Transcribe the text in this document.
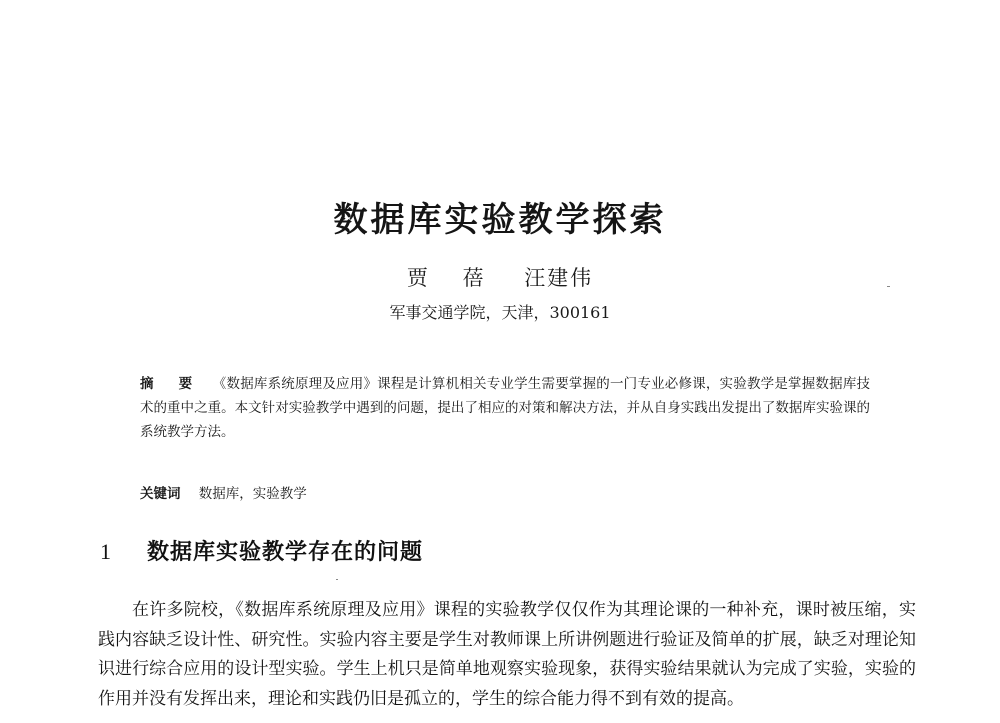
数据库实验教学探索
贾 蓓 汪建伟
军事交通学院，天津，300161
摘 要 《数据库系统原理及应用》课程是计算机相关专业学生需要掌握的一门专业必修课，实验教学是掌握数据库技术的重中之重。本文针对实验教学中遇到的问题，提出了相应的对策和解决方法，并从自身实践出发提出了数据库实验课的系统教学方法。
关键词 数据库，实验教学
1 数据库实验教学存在的问题
在许多院校，《数据库系统原理及应用》课程的实验教学仅仅作为其理论课的一种补充，课时被压缩，实践内容缺乏设计性、研究性。实验内容主要是学生对教师课上所讲例题进行验证及简单的扩展，缺乏对理论知识进行综合应用的设计型实验。学生上机只是简单地观察实验现象，获得实验结果就认为完成了实验，实验的作用并没有发挥出来，理论和实践仍旧是孤立的，学生的综合能力得不到有效的提高。
